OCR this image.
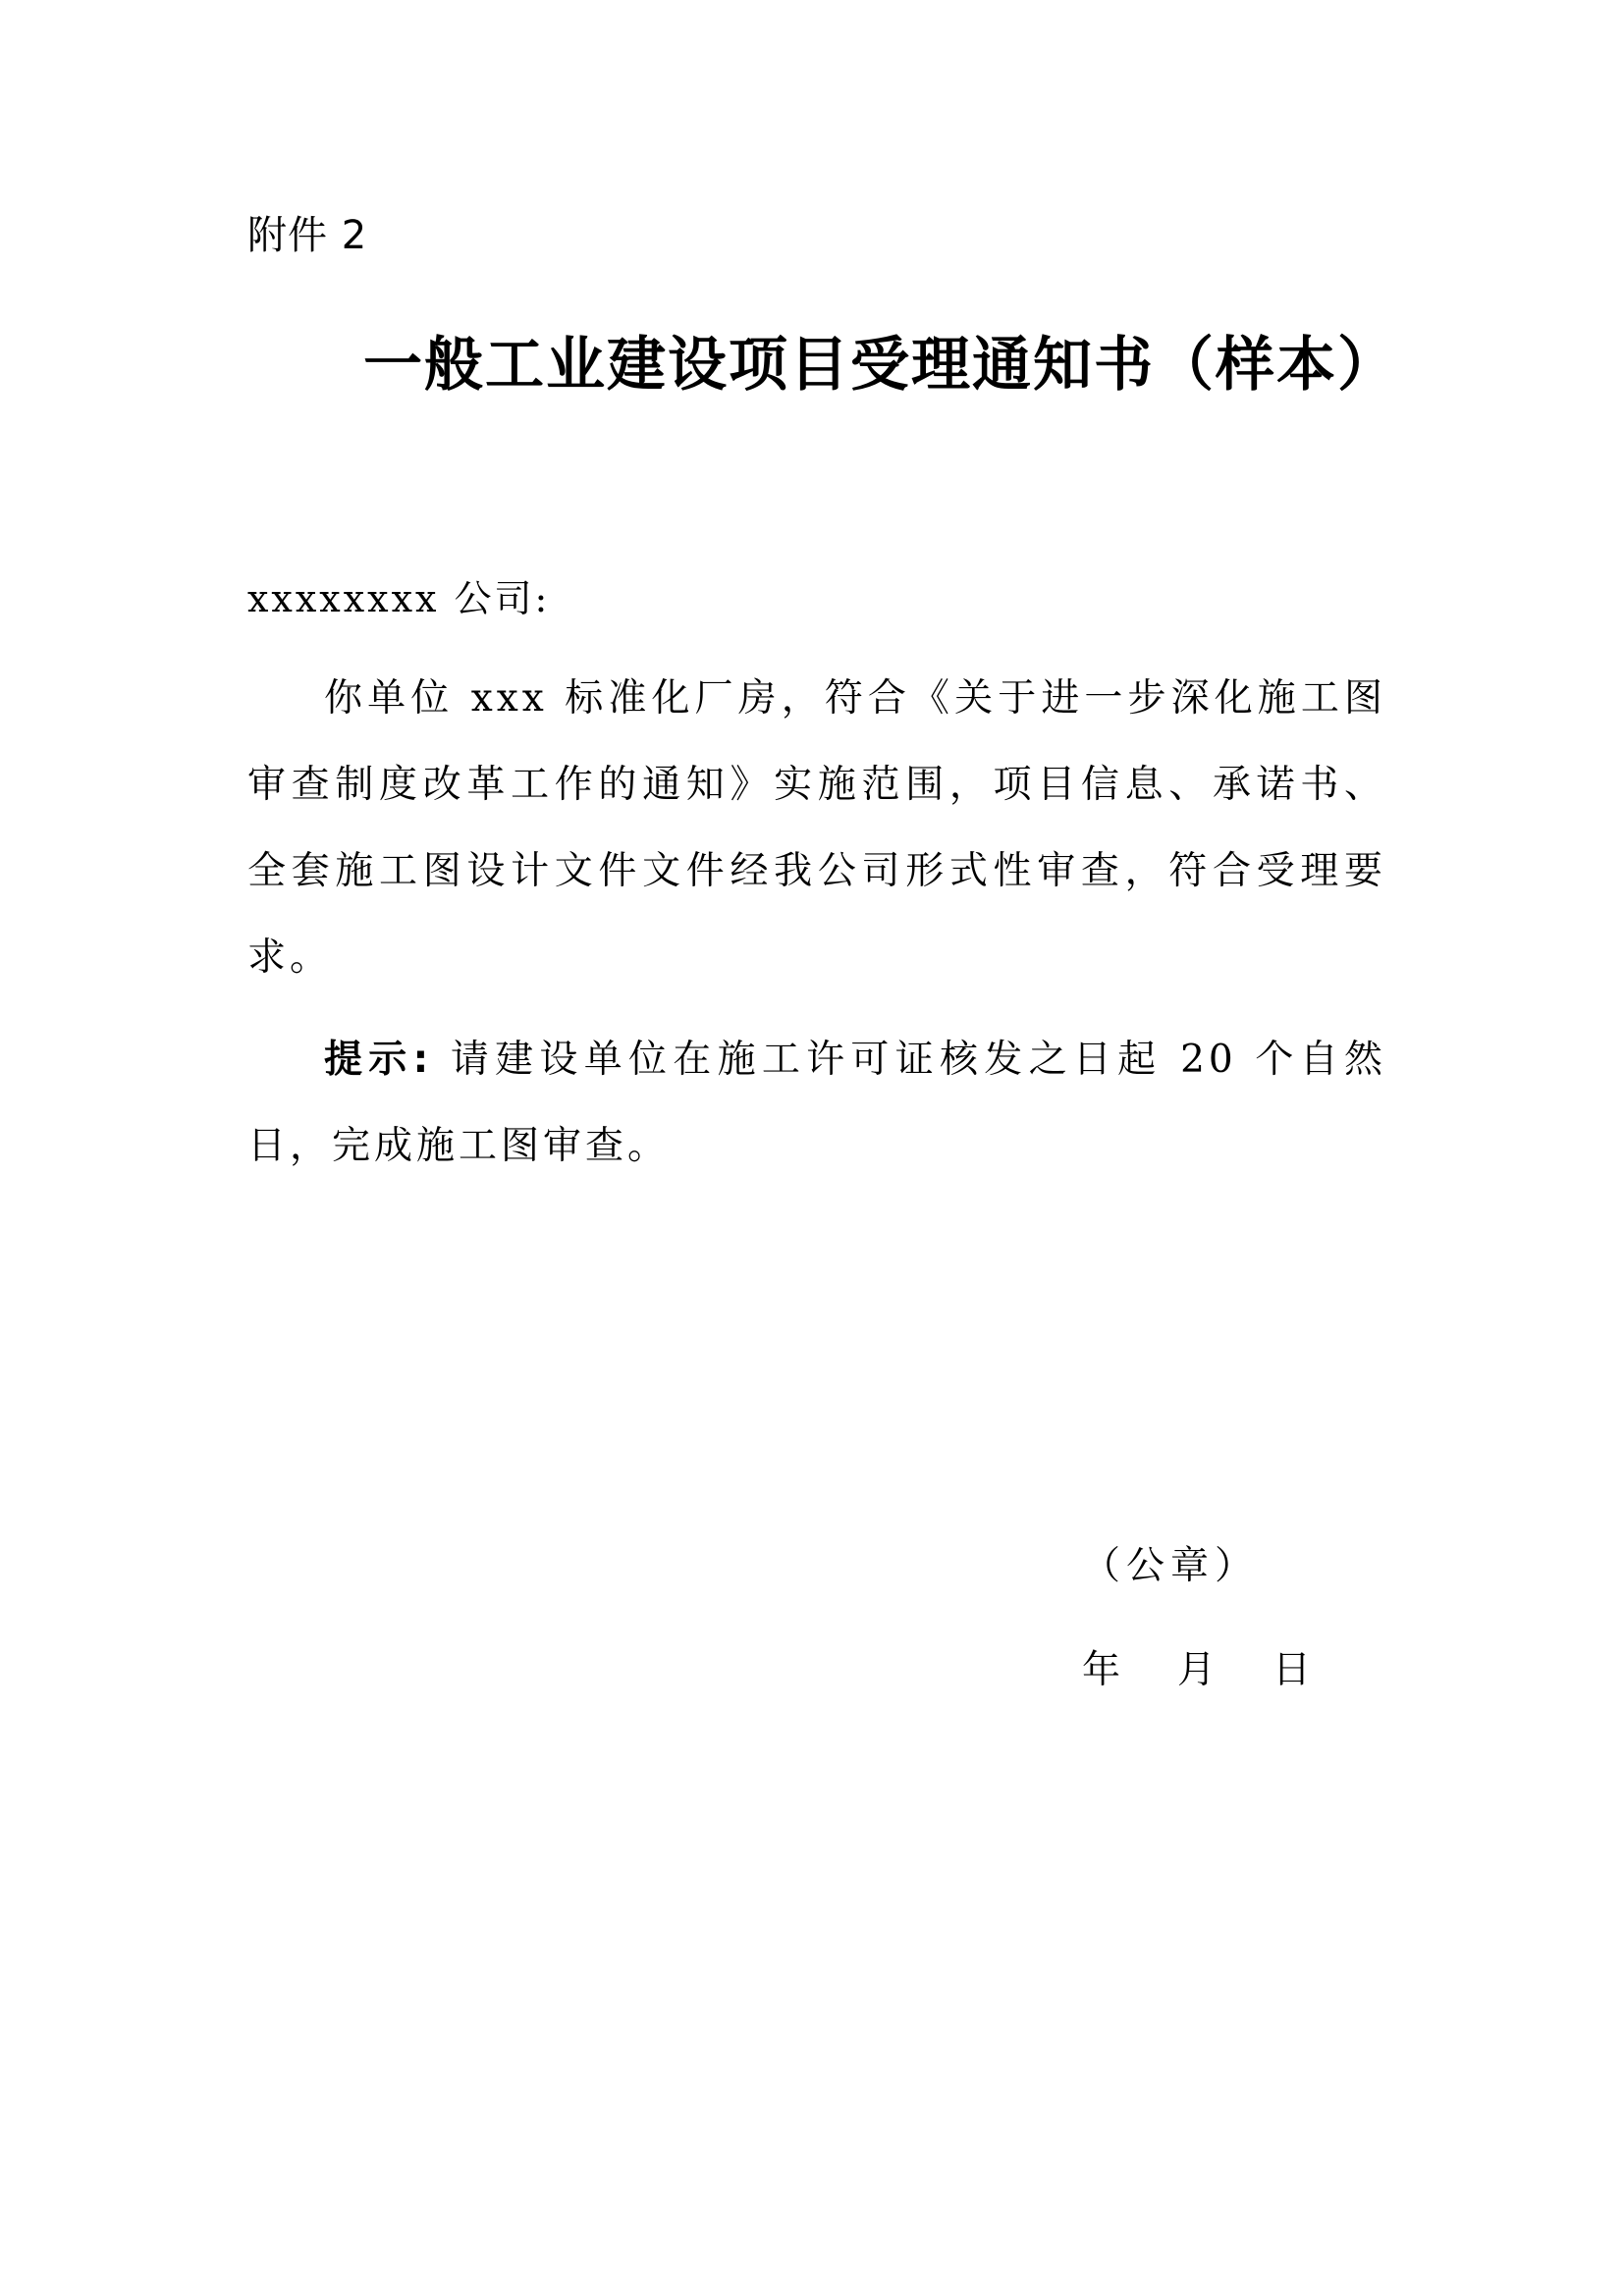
附件 2
一般工业建设项目受理通知书（样本）
xxxxxxxx 公司:

你单位 xxx 标准化厂房，符合《关于进一步深化施工图审查制度改革工作的通知》实施范围，项目信息、承诺书、全套施工图设计文件文件经我公司形式性审查，符合受理要求。

提示: 请建设单位在施工许可证核发之日起 20 个自然日，完成施工图审查。

（公章）
年 月 日
